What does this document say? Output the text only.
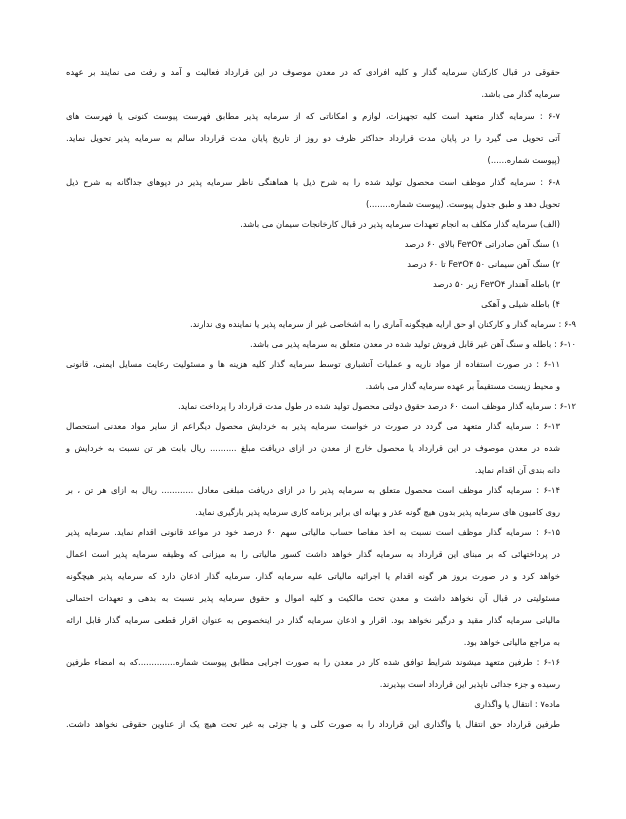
حقوقی در قبال کارکنان سرمایه گذار و کلیه افرادی که در معدن موصوف در این قرارداد فعالیت و آمد و رفت می نمایند بر عهده
سرمایه گذار می باشد.
۶-۷ : سرمایه گذار متعهد است کلیه تجهیزات، لوازم و امکاناتی که از سرمایه پذیر مطابق فهرست پیوست کنونی یا فهرست های
آتی تحویل می گیرد را در پایان مدت قرارداد حداکثر ظرف دو روز از تاریخ پایان مدت قرارداد سالم به سرمایه پذیر تحویل نماید.
(پیوست شماره......)
۶-۸ : سرمایه گذار موظف است محصول تولید شده را به شرح ذیل با هماهنگی ناظر سرمایه پذیر در دپوهای جداگانه به شرح ذیل
تحویل دهد و طبق جدول پیوست. (پیوست شماره........)
(الف) سرمایه گذار مکلف به انجام تعهدات سرمایه پذیر در قبال کارخانجات سیمان می باشد.
۱) سنگ آهن صادراتی Fe۳O۴ بالای ۶۰ درصد
۲) سنگ آهن سیمانی Fe۳O۴ ۵۰ تا ۶۰ درصد
۳) باطله آهندار Fe۳O۴ زیر ۵۰ درصد
۴) باطله شیلی و آهکی
۶-۹ : سرمایه گذار و کارکنان او حق ارایه هیچگونه آماری را به اشخاصی غیر از سرمایه پذیر یا نماینده وی ندارند.
۶-۱۰ : باطله و سنگ آهن غیر قابل فروش تولید شده در معدن متعلق به سرمایه پذیر می باشد.
۶-۱۱ : در صورت استفاده از مواد ناریه و عملیات آتشباری توسط سرمایه گذار کلیه هزینه ها و مسئولیت رعایت مسایل ایمنی، قانونی
و محیط زیست مستقیماً بر عهده سرمایه گذار می باشد.
۶-۱۲ : سرمایه گذار موظف است ۶۰ درصد حقوق دولتی محصول تولید شده در طول مدت قرارداد را پرداخت نماید.
۶-۱۳ : سرمایه گذار متعهد می گردد در صورت در خواست سرمایه پذیر به خردایش محصول دیگراعم از سایر مواد معدنی استحصال
شده در معدن موصوف در این قرارداد یا محصول خارج از معدن در ازای دریافت مبلغ .......... ریال بابت هر تن نسبت به خردایش و
دانه بندی آن اقدام نماید.
۶-۱۴ : سرمایه گذار موظف است محصول متعلق به سرمایه پذیر را در ازای دریافت مبلغی معادل ............ ریال به ازای هر تن ، بر
روی کامیون های سرمایه پذیر بدون هیچ گونه عذر و بهانه ای برابر برنامه کاری سرمایه پذیر بارگیری نماید.
۶-۱۵ : سرمایه گذار موظف است نسبت به اخذ مفاصا حساب مالیاتی سهم ۶۰ درصد خود در مواعد قانونی اقدام نماید. سرمایه پذیر
در پرداختهائی که بر مبنای این قرارداد به سرمایه گذار خواهد داشت کسور مالیاتی را به میزانی که وظیفه سرمایه پذیر است اعمال
خواهد کرد و در صورت بروز هر گونه اقدام یا اجرائیه مالیاتی علیه سرمایه گذار، سرمایه گذار اذعان دارد که سرمایه پذیر هیچگونه
مسئولیتی در قبال آن نخواهد داشت و معدن تحت مالکیت و کلیه اموال و حقوق سرمایه پذیر نسبت به بدهی و تعهدات احتمالی
مالیاتی سرمایه گذار مقید و درگیر نخواهد بود. اقرار و اذعان سرمایه گذار در اینخصوص به عنوان اقرار قطعی سرمایه گذار قابل ارائه
به مراجع مالیاتی خواهد بود.
۶-۱۶ : طرفین متعهد میشوند شرایط توافق شده کار در معدن را به صورت اجرایی مطابق پیوست شماره..............که به امضاء طرفین
رسیده و جزء جدائی ناپذیر این قرارداد است بپذیرند.
ماده۷ : انتقال یا واگذاری
طرفین قرارداد حق انتقال یا واگذاری این قرارداد را به صورت کلی و یا جزئی به غیر تحت هیچ یک از عناوین حقوقی نخواهد داشت.
